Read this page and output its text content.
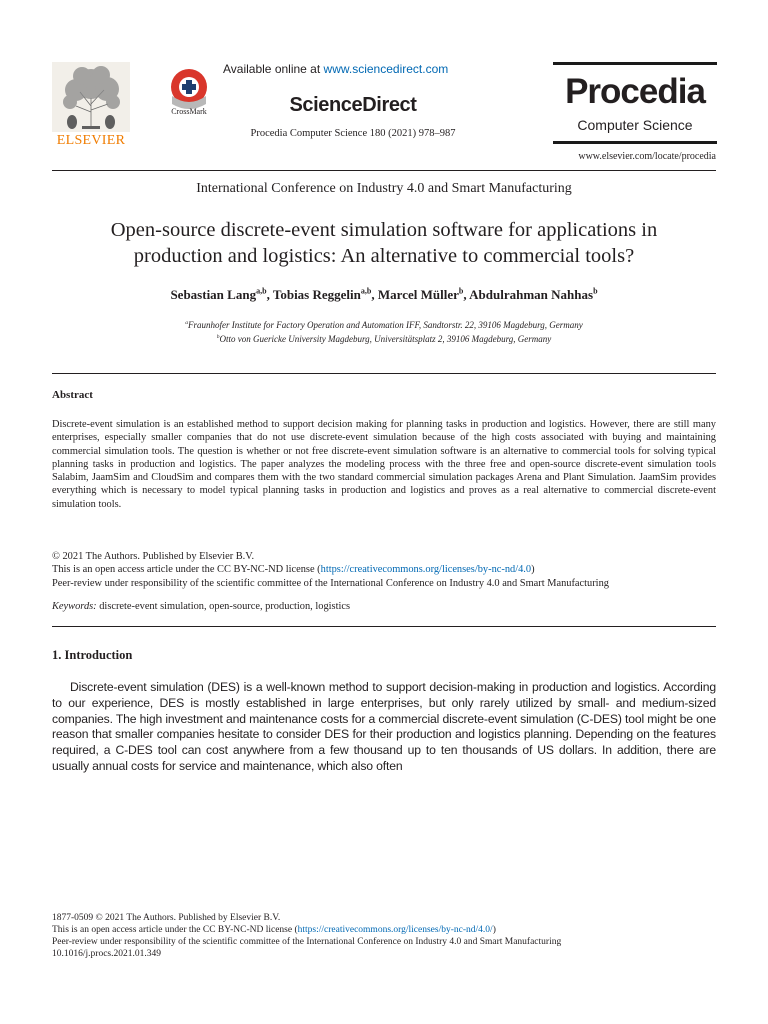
ELSEVIER
CrossMark
Available online at www.sciencedirect.com
ScienceDirect
Procedia Computer Science 180 (2021) 978–987
Procedia
Computer Science
www.elsevier.com/locate/procedia
International Conference on Industry 4.0 and Smart Manufacturing
Open-source discrete-event simulation software for applications in
production and logistics: An alternative to commercial tools?
Sebastian Lang$^{a,b}$, Tobias Reggelin$^{a,b}$, Marcel Müller$^b$, Abdulrahman Nahhas$^b$
$^a$Fraunhofer Institute for Factory Operation and Automation IFF, Sandtorstr. 22, 39106 Magdeburg, Germany
$^b$Otto von Guericke University Magdeburg, Universitätsplatz 2, 39106 Magdeburg, Germany
Abstract
Discrete-event simulation is an established method to support decision making for planning tasks in production and logistics. However, there are still many enterprises, especially smaller companies that do not use discrete-event simulation because of the high costs associated with buying and maintaining commercial simulation tools. The question is whether or not free discrete-event simulation software is an alternative to commercial tools for solving typical planning tasks in production and logistics. The paper analyzes the modeling process with the three free and open-source discrete-event simulation tools Salabim, JaamSim and CloudSim and compares them with the two standard commercial simulation packages Arena and Plant Simulation. JaamSim provides everything which is necessary to model typical planning tasks in production and logistics and proves as a real alternative to commercial discrete-event simulation tools.
© 2021 The Authors. Published by Elsevier B.V.
This is an open access article under the CC BY-NC-ND license (https://creativecommons.org/licenses/by-nc-nd/4.0)
Peer-review under responsibility of the scientific committee of the International Conference on Industry 4.0 and Smart Manufacturing
Keywords: discrete-event simulation, open-source, production, logistics
1. Introduction
Discrete-event simulation (DES) is a well-known method to support decision-making in production and logistics. According to our experience, DES is mostly established in large enterprises, but only rarely utilized by small- and medium-sized companies. The high investment and maintenance costs for a commercial discrete-event simulation (C-DES) tool might be one reason that smaller companies hesitate to consider DES for their production and logistics planning. Depending on the features required, a C-DES tool can cost anywhere from a few thousand up to ten thousands of US dollars. In addition, there are usually annual costs for service and maintenance, which also often
1877-0509 © 2021 The Authors. Published by Elsevier B.V.
This is an open access article under the CC BY-NC-ND license (https://creativecommons.org/licenses/by-nc-nd/4.0/)
Peer-review under responsibility of the scientific committee of the International Conference on Industry 4.0 and Smart Manufacturing
10.1016/j.procs.2021.01.349
